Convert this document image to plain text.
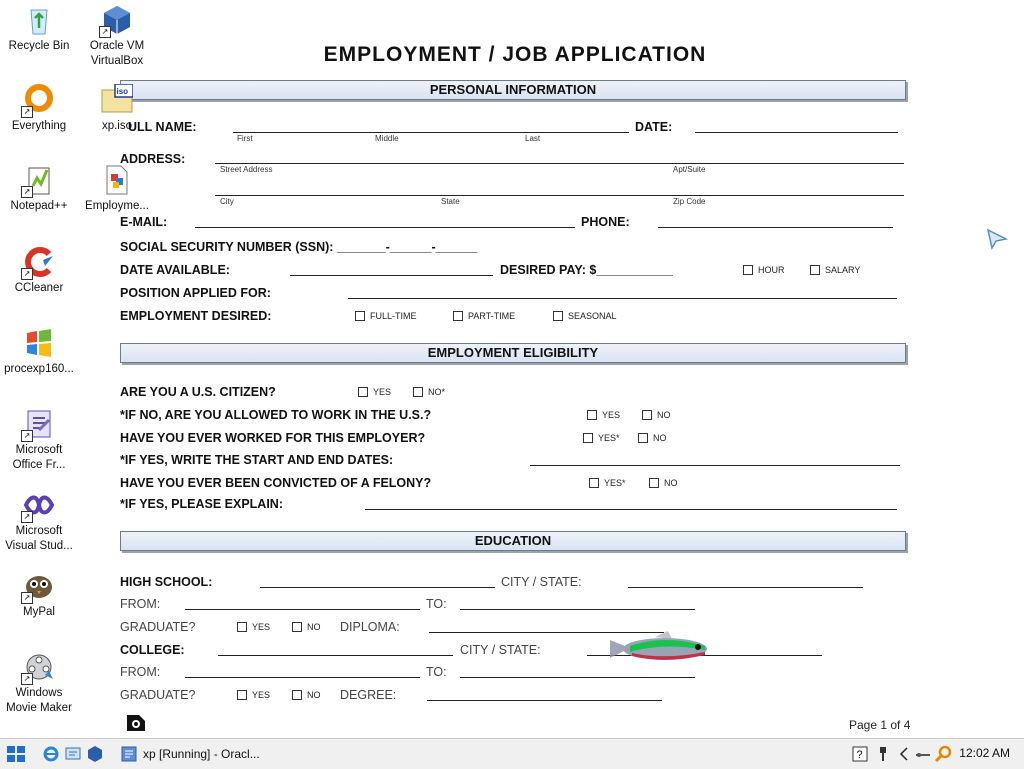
EMPLOYMENT / JOB APPLICATION
PERSONAL INFORMATION
ULL NAME:
First	Middle	Last
DATE:
ADDRESS:
Street Address	Apt/Suite
City	State	Zip Code
E-MAIL:	PHONE:
SOCIAL SECURITY NUMBER (SSN): _______-______-______
DATE AVAILABLE:	DESIRED PAY: $___________	HOUR	SALARY
POSITION APPLIED FOR:
EMPLOYMENT DESIRED:	FULL-TIME	PART-TIME	SEASONAL
EMPLOYMENT ELIGIBILITY
ARE YOU A U.S. CITIZEN?	YES	NO*
*IF NO, ARE YOU ALLOWED TO WORK IN THE U.S.?	YES	NO
HAVE YOU EVER WORKED FOR THIS EMPLOYER?	YES*	NO
*IF YES, WRITE THE START AND END DATES:
HAVE YOU EVER BEEN CONVICTED OF A FELONY?	YES*	NO
*IF YES, PLEASE EXPLAIN:
EDUCATION
HIGH SCHOOL:	CITY / STATE:
FROM:	TO:
GRADUATE?	YES	NO DIPLOMA:
COLLEGE:	CITY / STATE:
FROM:	TO:
GRADUATE?	YES	NO DEGREE:
Page 1 of 4
Recycle Bin
↗
Oracle VM VirtualBox
↗
Everything
iso
xp.iso
↗
Notepad++	Employme...
↗
CCleaner
procexp160...
↗
Microsoft Office Fr...
↗
Microsoft Visual Stud...
↗
MyPal
↗
Windows Movie Maker
xp [Running] - Oracl...	?	12:02 AM
